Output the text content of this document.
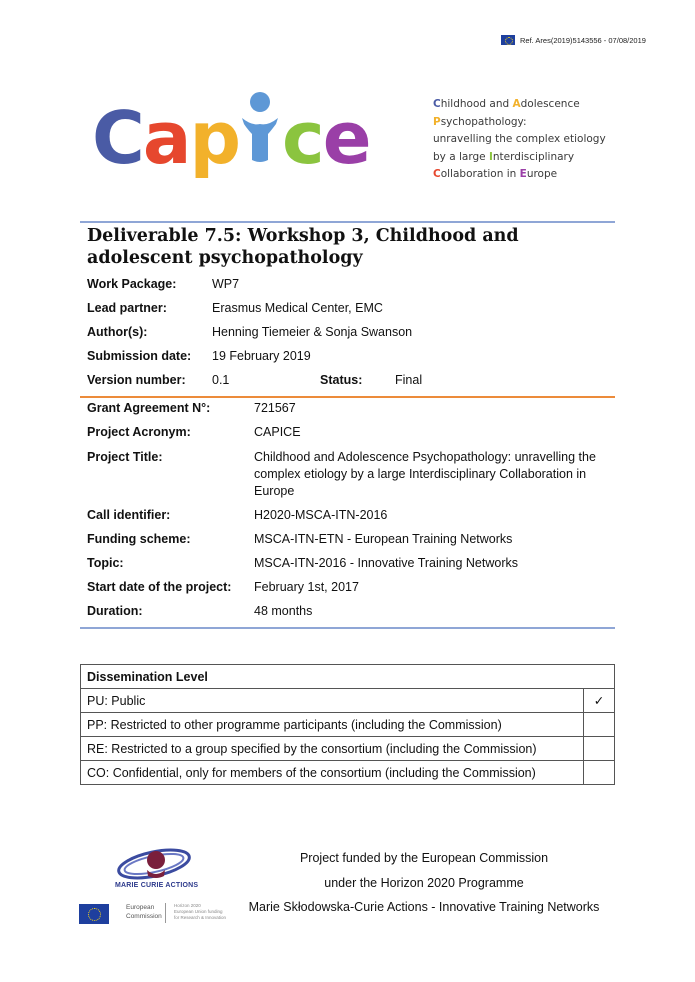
Ref. Ares(2019)5143556 - 07/08/2019
Cap ce	Childhood and Adolescence
Psychopathology:
unravelling the complex etiology
by a large Interdisciplinary
Collaboration in Europe
Deliverable 7.5: Workshop 3, Childhood and adolescent psychopathology
Work Package:	WP7
Lead partner:	Erasmus Medical Center, EMC
Author(s):	Henning Tiemeier & Sonja Swanson
Submission date: 19 February 2019
Version number: 0.1	Status:	Final
Grant Agreement N°:	721567
Project Acronym:	CAPICE
Project Title:	Childhood and Adolescence Psychopathology: unravelling the
complex etiology by a large Interdisciplinary Collaboration in
Europe
Call identifier:	H2020-MSCA-ITN-2016
Funding scheme:	MSCA-ITN-ETN - European Training Networks
Topic:	MSCA-ITN-2016 - Innovative Training Networks
Start date of the project: February 1st, 2017
Duration:	48 months
Dissemination Level	
PU: Public	✓
PP: Restricted to other programme participants (including the Commission)	
RE: Restricted to a group specified by the consortium (including the Commission)	
CO: Confidential, only for members of the consortium (including the Commission)	
MARIE CURIE ACTIONS
European
Commission
Horizon 2020
European Union funding
for Research & Innovation
Project funded by the European Commission
under the Horizon 2020 Programme
Marie Skłodowska-Curie Actions - Innovative Training Networks
